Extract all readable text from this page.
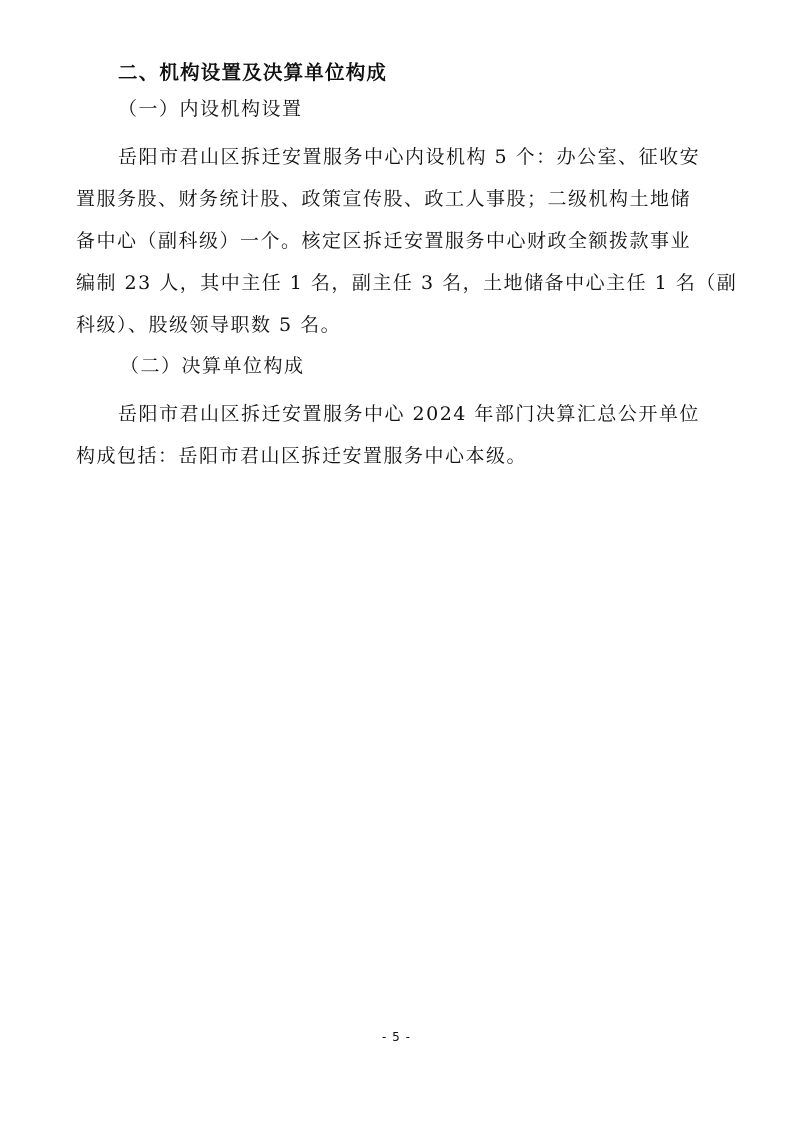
二、机构设置及决算单位构成
（一）内设机构设置
岳阳市君山区拆迁安置服务中心内设机构 5 个：办公室、征收安
置服务股、财务统计股、政策宣传股、政工人事股；二级机构土地储
备中心（副科级）一个。核定区拆迁安置服务中心财政全额拨款事业
编制 23 人，其中主任 1 名，副主任 3 名，土地储备中心主任 1 名（副
科级）、股级领导职数 5 名。
（二）决算单位构成
岳阳市君山区拆迁安置服务中心 2024 年部门决算汇总公开单位
构成包括：岳阳市君山区拆迁安置服务中心本级。
- 5 -
